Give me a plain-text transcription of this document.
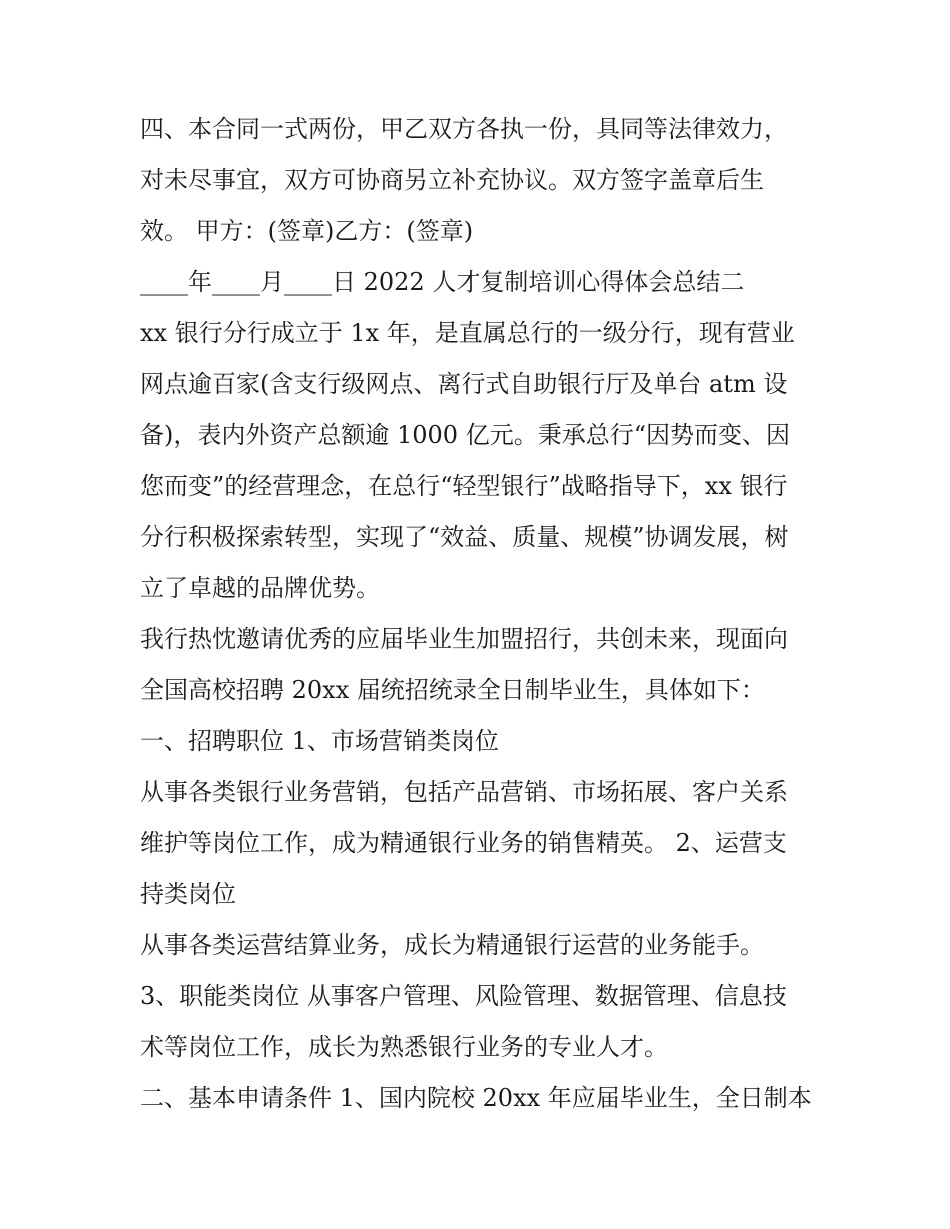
四、本合同一式两份，甲乙双方各执一份，具同等法律效力，
对未尽事宜，双方可协商另立补充协议。双方签字盖章后生
效。 甲方：(签章)乙方：(签章)
____年____月____日 2022 人才复制培训心得体会总结二
xx 银行分行成立于 1x 年，是直属总行的一级分行，现有营业
网点逾百家(含支行级网点、离行式自助银行厅及单台 atm 设
备)，表内外资产总额逾 1000 亿元。秉承总行“因势而变、因
您而变”的经营理念，在总行“轻型银行”战略指导下，xx 银行
分行积极探索转型，实现了“效益、质量、规模”协调发展，树
立了卓越的品牌优势。
我行热忱邀请优秀的应届毕业生加盟招行，共创未来，现面向
全国高校招聘 20xx 届统招统录全日制毕业生，具体如下：
一、招聘职位 1、市场营销类岗位
从事各类银行业务营销，包括产品营销、市场拓展、客户关系
维护等岗位工作，成为精通银行业务的销售精英。 2、运营支
持类岗位
从事各类运营结算业务，成长为精通银行运营的业务能手。
3、职能类岗位 从事客户管理、风险管理、数据管理、信息技
术等岗位工作，成长为熟悉银行业务的专业人才。
二、基本申请条件 1、国内院校 20xx 年应届毕业生，全日制本
